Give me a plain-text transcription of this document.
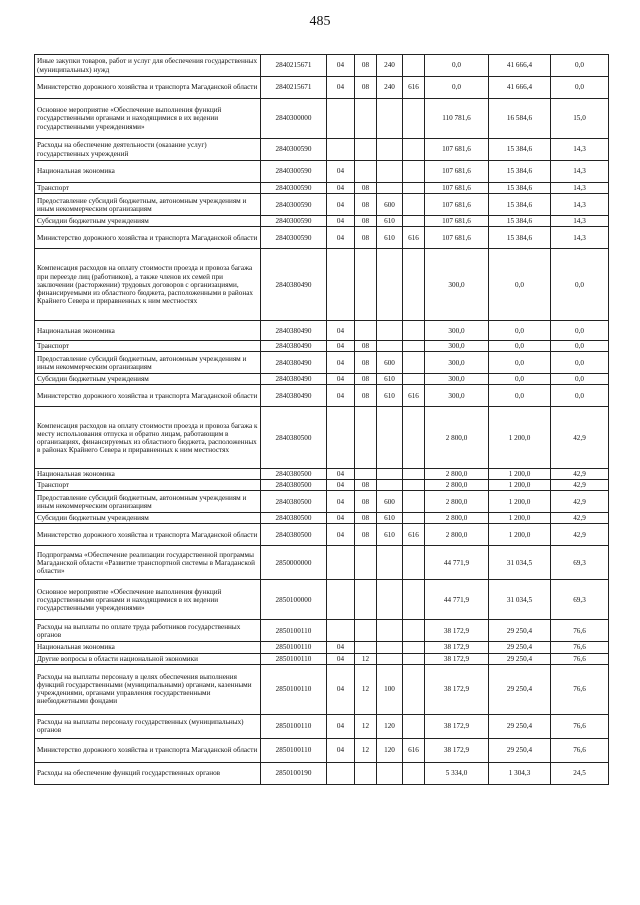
485
Иные закупки товаров, работ и услуг для обеспечения государственных (муниципальных) нужд	2840215671	04	08	240		0,0	41 666,4	0,0
Министерство дорожного хозяйства и транспорта Магаданской области	2840215671	04	08	240	616	0,0	41 666,4	0,0
Основное мероприятие «Обеспечение выполнения функций государственными органами и находящимися в их ведении государственными учреждениями»	2840300000					110 781,6	16 584,6	15,0
Расходы на обеспечение деятельности (оказание услуг) государственных учреждений	2840300590					107 681,6	15 384,6	14,3
Национальная экономика	2840300590	04				107 681,6	15 384,6	14,3
Транспорт	2840300590	04	08			107 681,6	15 384,6	14,3
Предоставление субсидий бюджетным, автономным учреждениям и иным некоммерческим организациям	2840300590	04	08	600		107 681,6	15 384,6	14,3
Субсидии бюджетным учреждениям	2840300590	04	08	610		107 681,6	15 384,6	14,3
Министерство дорожного хозяйства и транспорта Магаданской области	2840300590	04	08	610	616	107 681,6	15 384,6	14,3
Компенсация расходов на оплату стоимости проезда и провоза багажа при переезде лиц (работников), а также членов их семей при заключении (расторжении) трудовых договоров с организациями, финансируемыми из областного бюджета, расположенными в районах Крайнего Севера и приравненных к ним местностях	2840380490					300,0	0,0	0,0
Национальная экономика	2840380490	04				300,0	0,0	0,0
Транспорт	2840380490	04	08			300,0	0,0	0,0
Предоставление субсидий бюджетным, автономным учреждениям и иным некоммерческим организациям	2840380490	04	08	600		300,0	0,0	0,0
Субсидии бюджетным учреждениям	2840380490	04	08	610		300,0	0,0	0,0
Министерство дорожного хозяйства и транспорта Магаданской области	2840380490	04	08	610	616	300,0	0,0	0,0
Компенсация расходов на оплату стоимости проезда и провоза багажа к месту использования отпуска и обратно лицам, работающим в организациях, финансируемых из областного бюджета, расположенных в районах Крайнего Севера и приравненных к ним местностях	2840380500					2 800,0	1 200,0	42,9
Национальная экономика	2840380500	04				2 800,0	1 200,0	42,9
Транспорт	2840380500	04	08			2 800,0	1 200,0	42,9
Предоставление субсидий бюджетным, автономным учреждениям и иным некоммерческим организациям	2840380500	04	08	600		2 800,0	1 200,0	42,9
Субсидии бюджетным учреждениям	2840380500	04	08	610		2 800,0	1 200,0	42,9
Министерство дорожного хозяйства и транспорта Магаданской области	2840380500	04	08	610	616	2 800,0	1 200,0	42,9
Подпрограмма «Обеспечение реализации государственной программы Магаданской области «Развитие транспортной системы в Магаданской области»	2850000000					44 771,9	31 034,5	69,3
Основное мероприятие «Обеспечение выполнения функций государственными органами и находящимися в их ведении государственными учреждениями»	2850100000					44 771,9	31 034,5	69,3
Расходы на выплаты по оплате труда работников государственных органов	2850100110					38 172,9	29 250,4	76,6
Национальная экономика	2850100110	04				38 172,9	29 250,4	76,6
Другие вопросы в области национальной экономики	2850100110	04	12			38 172,9	29 250,4	76,6
Расходы на выплаты персоналу в целях обеспечения выполнения функций государственными (муниципальными) органами, казенными учреждениями, органами управления государственными внебюджетными фондами	2850100110	04	12	100		38 172,9	29 250,4	76,6
Расходы на выплаты персоналу государственных (муниципальных) органов	2850100110	04	12	120		38 172,9	29 250,4	76,6
Министерство дорожного хозяйства и транспорта Магаданской области	2850100110	04	12	120	616	38 172,9	29 250,4	76,6
Расходы на обеспечение функций государственных органов	2850100190					5 334,0	1 304,3	24,5
